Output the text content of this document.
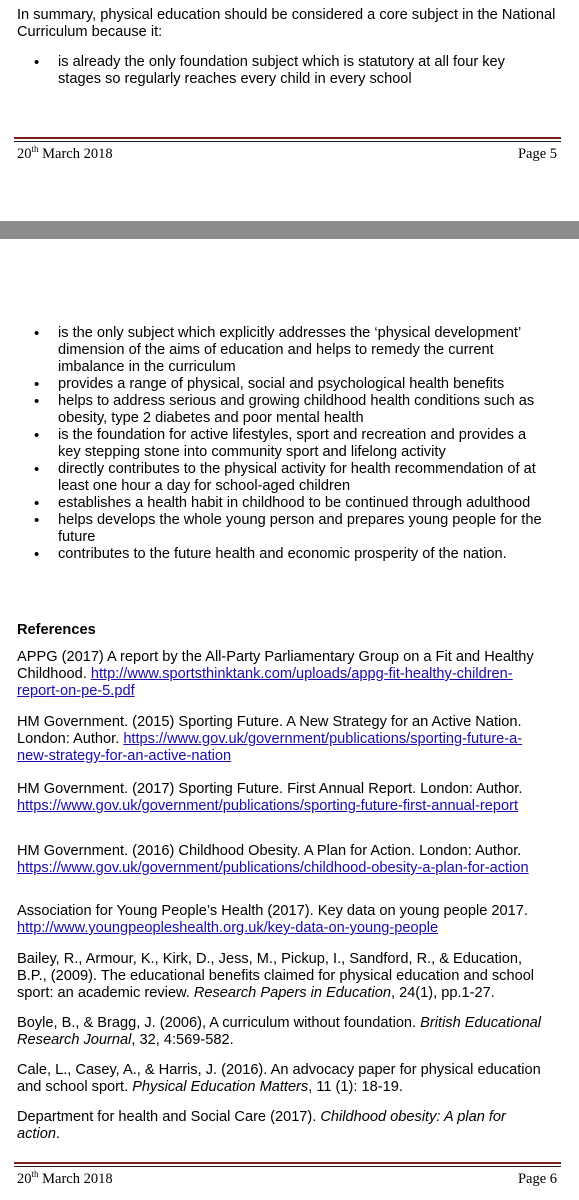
In summary, physical education should be considered a core subject in the National Curriculum because it:
• is already the only foundation subject which is statutory at all four key stages so regularly reaches every child in every school
20th March 2018	Page 5
• is the only subject which explicitly addresses the ‘physical development’ dimension of the aims of education and helps to remedy the current imbalance in the curriculum
• provides a range of physical, social and psychological health benefits
• helps to address serious and growing childhood health conditions such as obesity, type 2 diabetes and poor mental health
• is the foundation for active lifestyles, sport and recreation and provides a key stepping stone into community sport and lifelong activity
• directly contributes to the physical activity for health recommendation of at least one hour a day for school-aged children
• establishes a health habit in childhood to be continued through adulthood
• helps develops the whole young person and prepares young people for the future
• contributes to the future health and economic prosperity of the nation.
References

APPG (2017) A report by the All-Party Parliamentary Group on a Fit and Healthy Childhood. http://www.sportsthinktank.com/uploads/appg-fit-healthy-children-report-on-pe-5.pdf

HM Government. (2015) Sporting Future. A New Strategy for an Active Nation. London: Author. https://www.gov.uk/government/publications/sporting-future-a-new-strategy-for-an-active-nation

HM Government. (2017) Sporting Future. First Annual Report. London: Author. https://www.gov.uk/government/publications/sporting-future-first-annual-report

HM Government. (2016) Childhood Obesity. A Plan for Action. London: Author. https://www.gov.uk/government/publications/childhood-obesity-a-plan-for-action

Association for Young People’s Health (2017). Key data on young people 2017. http://www.youngpeopleshealth.org.uk/key-data-on-young-people

Bailey, R., Armour, K., Kirk, D., Jess, M., Pickup, I., Sandford, R., & Education, B.P., (2009). The educational benefits claimed for physical education and school sport: an academic review. Research Papers in Education, 24(1), pp.1-27.

Boyle, B., & Bragg, J. (2006), A curriculum without foundation. British Educational Research Journal, 32, 4:569-582.

Cale, L., Casey, A., & Harris, J. (2016). An advocacy paper for physical education and school sport. Physical Education Matters, 11 (1): 18-19.

Department for health and Social Care (2017). Childhood obesity: A plan for action.

20th March 2018	Page 6
